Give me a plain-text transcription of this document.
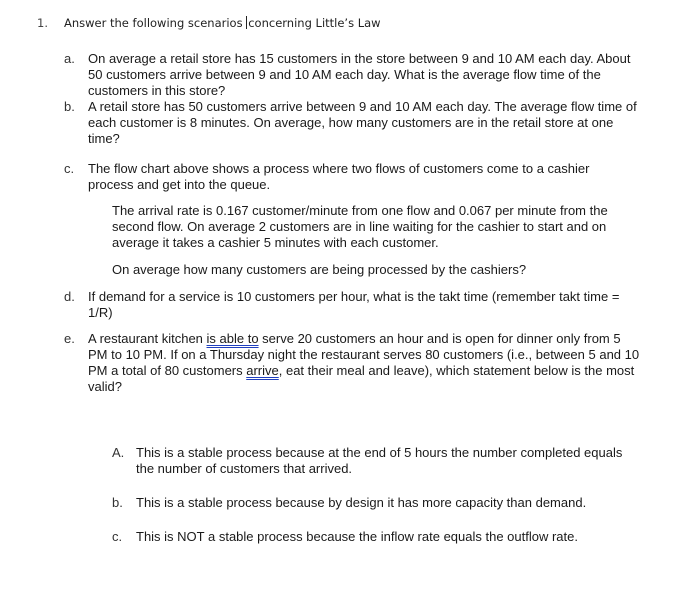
1. Answer the following scenarios concerning Little’s Law
a.	On average a retail store has 15 customers in the store between 9 and 10 AM each day. About 50 customers arrive between 9 and 10 AM each day. What is the average flow time of the customers in this store?
b.	A retail store has 50 customers arrive between 9 and 10 AM each day. The average flow time of each customer is 8 minutes. On average, how many customers are in the retail store at one time?
c.	The flow chart above shows a process where two flows of customers come to a cashier process and get into the queue.
The arrival rate is 0.167 customer/minute from one flow and 0.067 per minute from the second flow. On average 2 customers are in line waiting for the cashier to start and on average it takes a cashier 5 minutes with each customer.
On average how many customers are being processed by the cashiers?
d.	If demand for a service is 10 customers per hour, what is the takt time (remember takt time = 1/R)
e.	A restaurant kitchen is able to serve 20 customers an hour and is open for dinner only from 5 PM to 10 PM. If on a Thursday night the restaurant serves 80 customers (i.e., between 5 and 10 PM a total of 80 customers arrive, eat their meal and leave), which statement below is the most valid?
A. This is a stable process because at the end of 5 hours the number completed equals the number of customers that arrived.
b. This is a stable process because by design it has more capacity than demand.
c. This is NOT a stable process because the inflow rate equals the outflow rate.
